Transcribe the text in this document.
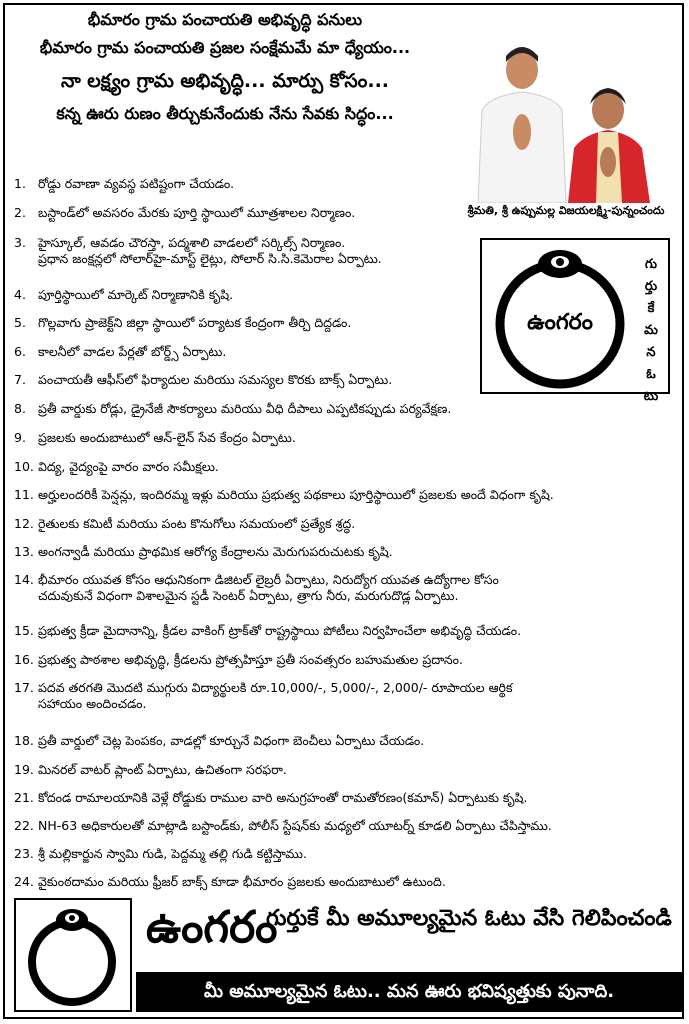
భీమారం గ్రామ పంచాయతి అభివృద్ధి పనులు
భీమారం గ్రామ పంచాయతి ప్రజల సంక్షేమమే మా ధ్యేయం...
నా లక్ష్యం గ్రామ అభివృద్ధి... మార్పు కోసం...
కన్న ఊరు రుణం తీర్చుకునేందుకు నేను సేవకు సిద్ధం...
శ్రీమతి, శ్రీ ఉప్పుమల్ల విజయలక్ష్మి-పున్నంచందు
ఉంగరం
గు
ర్తు
కే
మ
న
ఓ
టు
1. రోడ్డు రవాణా వ్యవస్థ పటిష్టంగా చేయడం.
2. బస్టాండ్‌లో అవసరం మేరకు పూర్తి స్థాయిలో మూత్రశాలల నిర్మాణం.
3. హైస్కూల్, ఆవడం చౌరస్తా, పద్మశాలి వాడలలో సర్కిల్స్ నిర్మాణం.
ప్రధాన జంక్షన్లలో సోలార్‌హై-మాస్ట్ లైట్లు, సోలార్ సి.సి.కెమెరాల ఏర్పాటు.
4. పూర్తిస్థాయిలో మార్కెట్ నిర్మాణానికి కృషి.
5. గొల్లవాగు ప్రాజెక్ట్‌ని జిల్లా స్థాయిలో పర్యాటక కేంద్రంగా తీర్చి దిద్దడం.
6. కాలనీలో వాడల పేర్లతో బోర్డ్స్ ఏర్పాటు.
7. పంచాయతీ ఆఫీస్‌లో ఫిర్యాదుల మరియు సమస్యల కొరకు బాక్స్ ఏర్పాటు.
8. ప్రతీ వార్డుకు రోడ్లు, డ్రైనేజీ సౌకర్యాలు మరియు వీధి దీపాలు ఎప్పటికప్పుడు పర్యవేక్షణ.
9. ప్రజలకు అందుబాటులో ఆన్-లైన్ సేవ కేంద్రం ఏర్పాటు.
10. విద్య, వైద్యంపై వారం వారం సమీక్షలు.
11. అర్హులందరికీ పెన్షన్లు, ఇందిరమ్మ ఇళ్లు మరియు ప్రభుత్వ పథకాలు పూర్తిస్థాయిలో ప్రజలకు అందే విధంగా కృషి.
12. రైతులకు కమిటీ మరియు పంట కొనుగోలు సమయంలో ప్రత్యేక శ్రద్ధ.
13. అంగన్వాడీ మరియు ప్రాథమిక ఆరోగ్య కేంద్రాలను మెరుగుపరుచుటకు కృషి.
14. భీమారం యువత కోసం ఆధునికంగా డిజిటల్ లైబ్రరీ ఏర్పాటు, నిరుద్యోగ యువత ఉద్యోగాల కోసం
చదువుకునే విధంగా విశాలమైన స్టడీ సెంటర్ ఏర్పాటు, త్రాగు నీరు, మరుగుదొడ్ల ఏర్పాటు.
15. ప్రభుత్వ క్రీడా మైదానాన్ని, క్రీడల వాకింగ్ ట్రాక్‌తో రాష్ట్రస్థాయి పోటీలు నిర్వహించేలా అభివృద్ధి చేయడం.
16. ప్రభుత్వ పాఠశాల అభివృద్ధి, క్రీడలను ప్రోత్సహిస్తూ ప్రతీ సంవత్సరం బహుమతుల ప్రదానం.
17. పదవ తరగతి మొదటి ముగ్గురు విద్యార్థులకి రూ.10,000/-, 5,000/-, 2,000/- రూపాయల ఆర్థిక
సహాయం అందించడం.
18. ప్రతీ వార్డులో చెట్ల పెంపకం, వాడల్లో కూర్చునే విధంగా బెంచీలు ఏర్పాటు చేయడం.
19. మినరల్ వాటర్ ప్లాంట్ ఏర్పాటు, ఉచితంగా సరఫరా.
21. కోదండ రామాలయానికి వెళ్లే రోడ్డుకు రాముల వారి అనుగ్రహంతో రామతోరణం(కమాన్) ఏర్పాటుకు కృషి.
22. NH-63 అధికారులతో మాట్లాడి బస్టాండ్‌కు, పోలీస్ స్టేషన్‌కు మధ్యలో యూటర్న్ కూడలి ఏర్పాటు చేపిస్తాము.
23. శ్రీ మల్లికార్జున స్వామి గుడి, పెద్దమ్మ తల్లి గుడి కట్టిస్తాము.
24. వైకుంఠదామం మరియు ఫ్రీజర్ బాక్స్ కూడా భీమారం ప్రజలకు అందుబాటులో ఉటుంది.
ఉంగరం
గుర్తుకే మీ అమూల్యమైన ఓటు వేసి గెలిపించండి
మీ అమూల్యమైన ఓటు.. మన ఊరు భవిష్యత్తుకు పునాది.
